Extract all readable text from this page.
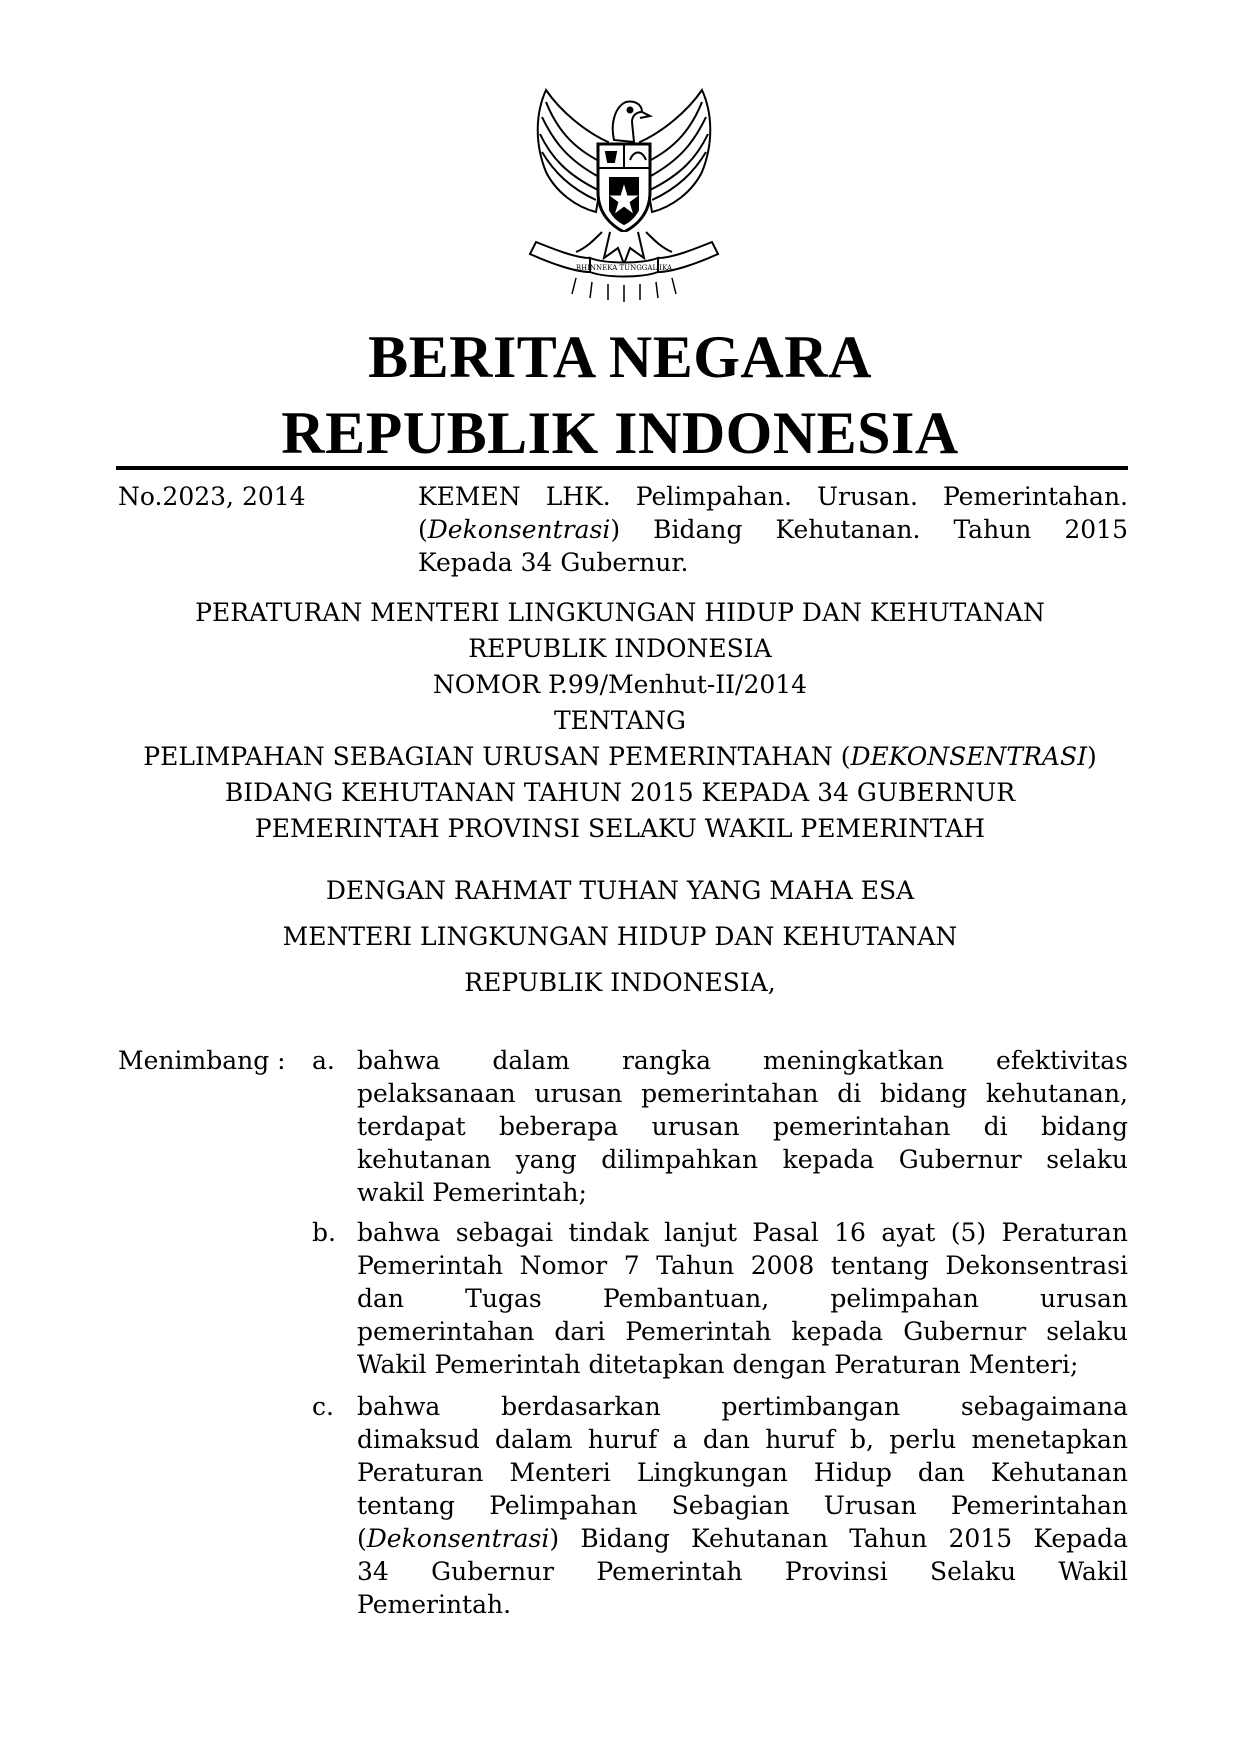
BHINNEKA TUNGGAL IKA
BERITA NEGARA
REPUBLIK INDONESIA
No.2023, 2014	KEMEN LHK. Pelimpahan. Urusan. Pemerintahan.
(Dekonsentrasi) Bidang Kehutanan. Tahun 2015
Kepada 34 Gubernur.
PERATURAN MENTERI LINGKUNGAN HIDUP DAN KEHUTANAN
REPUBLIK INDONESIA
NOMOR P.99/Menhut-II/2014
TENTANG
PELIMPAHAN SEBAGIAN URUSAN PEMERINTAHAN (DEKONSENTRASI)
BIDANG KEHUTANAN TAHUN 2015 KEPADA 34 GUBERNUR
PEMERINTAH PROVINSI SELAKU WAKIL PEMERINTAH
DENGAN RAHMAT TUHAN YANG MAHA ESA
MENTERI LINGKUNGAN HIDUP DAN KEHUTANAN
REPUBLIK INDONESIA,
Menimbang : a. bahwa dalam rangka meningkatkan efektivitas
pelaksanaan urusan pemerintahan di bidang kehutanan,
terdapat beberapa urusan pemerintahan di bidang
kehutanan yang dilimpahkan kepada Gubernur selaku
wakil Pemerintah;
b. bahwa sebagai tindak lanjut Pasal 16 ayat (5) Peraturan
Pemerintah Nomor 7 Tahun 2008 tentang Dekonsentrasi
dan Tugas Pembantuan, pelimpahan urusan
pemerintahan dari Pemerintah kepada Gubernur selaku
Wakil Pemerintah ditetapkan dengan Peraturan Menteri;
c. bahwa berdasarkan pertimbangan sebagaimana
dimaksud dalam huruf a dan huruf b, perlu menetapkan
Peraturan Menteri Lingkungan Hidup dan Kehutanan
tentang Pelimpahan Sebagian Urusan Pemerintahan
(Dekonsentrasi) Bidang Kehutanan Tahun 2015 Kepada
34 Gubernur Pemerintah Provinsi Selaku Wakil
Pemerintah.
